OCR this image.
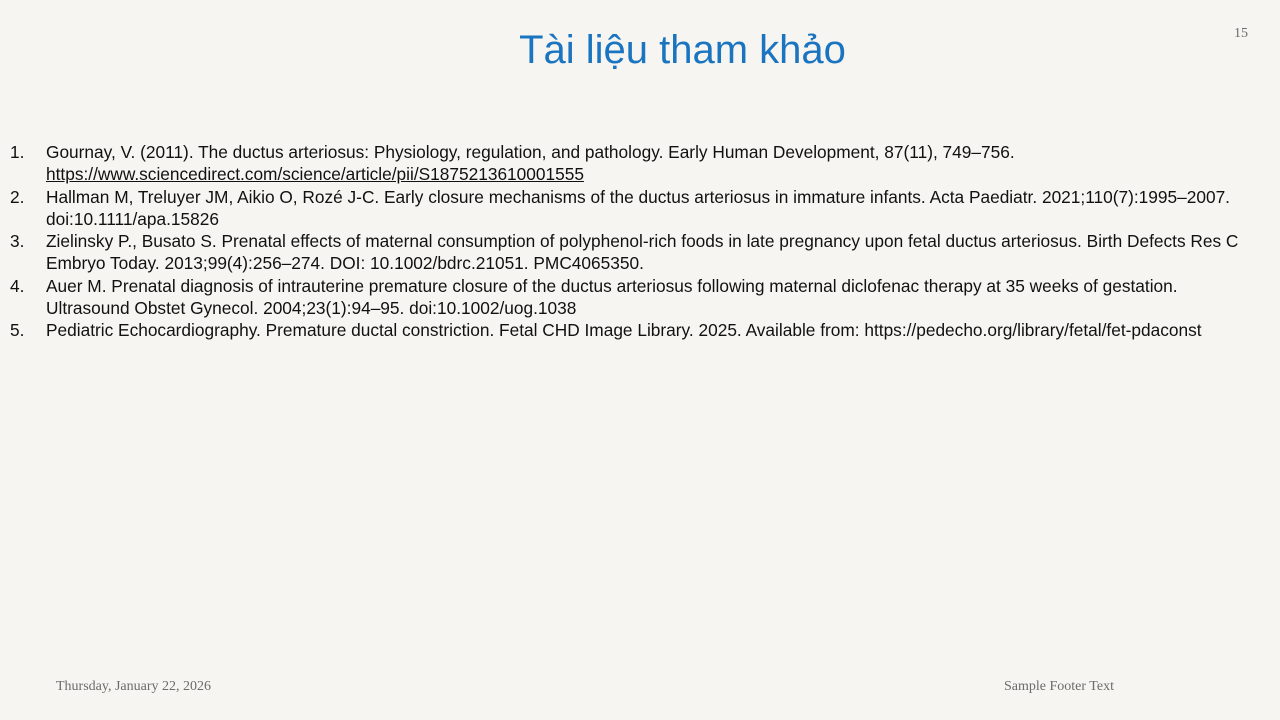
Tài liệu tham khảo	15
1. Gournay, V. (2011). The ductus arteriosus: Physiology, regulation, and pathology. Early Human Development, 87(11), 749–756.
https://www.sciencedirect.com/science/article/pii/S1875213610001555
2. Hallman M, Treluyer JM, Aikio O, Rozé J-C. Early closure mechanisms of the ductus arteriosus in immature infants. Acta Paediatr. 2021;110(7):1995–2007. doi:10.1111/apa.15826
3. Zielinsky P., Busato S. Prenatal effects of maternal consumption of polyphenol-rich foods in late pregnancy upon fetal ductus arteriosus. Birth Defects Res C Embryo Today. 2013;99(4):256–274. DOI: 10.1002/bdrc.21051. PMC4065350.
4. Auer M. Prenatal diagnosis of intrauterine premature closure of the ductus arteriosus following maternal diclofenac therapy at 35 weeks of gestation. Ultrasound Obstet Gynecol. 2004;23(1):94–95. doi:10.1002/uog.1038
5. Pediatric Echocardiography. Premature ductal constriction. Fetal CHD Image Library. 2025. Available from: https://pedecho.org/library/fetal/fet-pdaconst
Thursday, January 22, 2026	Sample Footer Text
